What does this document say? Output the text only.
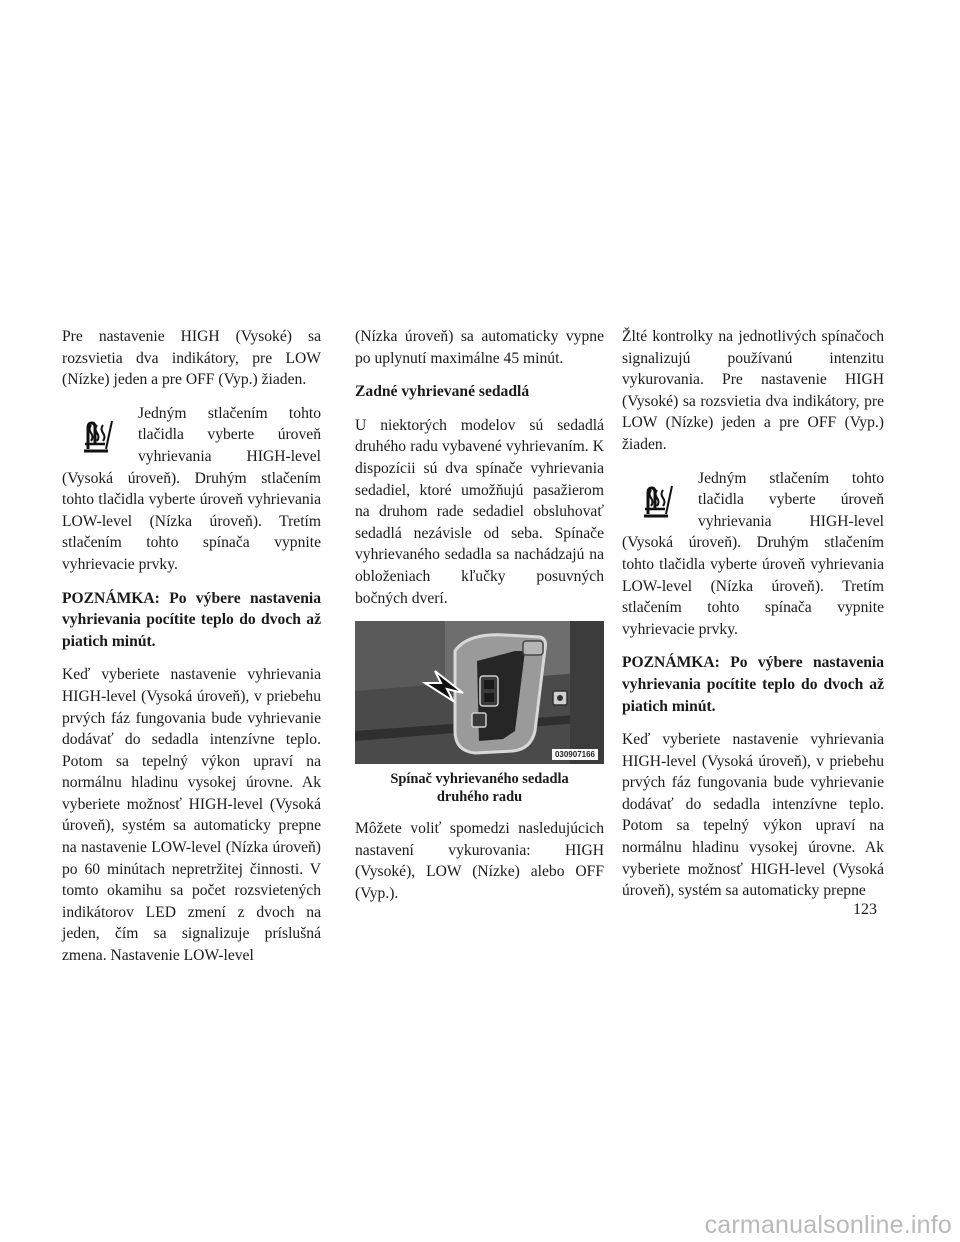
Pre nastavenie HIGH (Vysoké) sa rozsvietia dva indikátory, pre LOW (Nízke) jeden a pre OFF (Vyp.) žiaden.

Jedným stlačením tohto tlačidla vyberte úroveň vyhrievania HIGH-level (Vysoká úroveň). Druhým stlačením tohto tlačidla vyberte úroveň vyhrievania LOW-level (Nízka úroveň). Tretím stlačením tohto spínača vypnite vyhrievacie prvky.

POZNÁMKA: Po výbere nastavenia vyhrievania pocítite teplo do dvoch až piatich minút.

Keď vyberiete nastavenie vyhrievania HIGH-level (Vysoká úroveň), v priebehu prvých fáz fungovania bude vyhrievanie dodávať do sedadla intenzívne teplo. Potom sa tepelný výkon upraví na normálnu hladinu vysokej úrovne. Ak vyberiete možnosť HIGH-level (Vysoká úroveň), systém sa automaticky prepne na nastavenie LOW-level (Nízka úroveň) po 60 minútach nepretržitej činnosti. V tomto okamihu sa počet rozsvietených indikátorov LED zmení z dvoch na jeden, čím sa signalizuje príslušná zmena. Nastavenie LOW-level

(Nízka úroveň) sa automaticky vypne po uplynutí maximálne 45 minút.

Zadné vyhrievané sedadlá

U niektorých modelov sú sedadlá druhého radu vybavené vyhrievaním. K dispozícii sú dva spínače vyhrievania sedadiel, ktoré umožňujú pasažierom na druhom rade sedadiel obsluhovať sedadlá nezávisle od seba. Spínače vyhrievaného sedadla sa nachádzajú na obloženiach kľučky posuvných bočných dverí.

030907166
Spínač vyhrievaného sedadla druhého radu

Môžete voliť spomedzi nasledujúcich nastavení vykurovania: HIGH (Vysoké), LOW (Nízke) alebo OFF (Vyp.).

Žlté kontrolky na jednotlivých spínačoch signalizujú používanú intenzitu vykurovania. Pre nastavenie HIGH (Vysoké) sa rozsvietia dva indikátory, pre LOW (Nízke) jeden a pre OFF (Vyp.) žiaden.

Jedným stlačením tohto tlačidla vyberte úroveň vyhrievania HIGH-level (Vysoká úroveň). Druhým stlačením tohto tlačidla vyberte úroveň vyhrievania LOW-level (Nízka úroveň). Tretím stlačením tohto spínača vypnite vyhrievacie prvky.

POZNÁMKA: Po výbere nastavenia vyhrievania pocítite teplo do dvoch až piatich minút.

Keď vyberiete nastavenie vyhrievania HIGH-level (Vysoká úroveň), v priebehu prvých fáz fungovania bude vyhrievanie dodávať do sedadla intenzívne teplo. Potom sa tepelný výkon upraví na normálnu hladinu vysokej úrovne. Ak vyberiete možnosť HIGH-level (Vysoká úroveň), systém sa automaticky prepne

123
carmanualsonline.info
